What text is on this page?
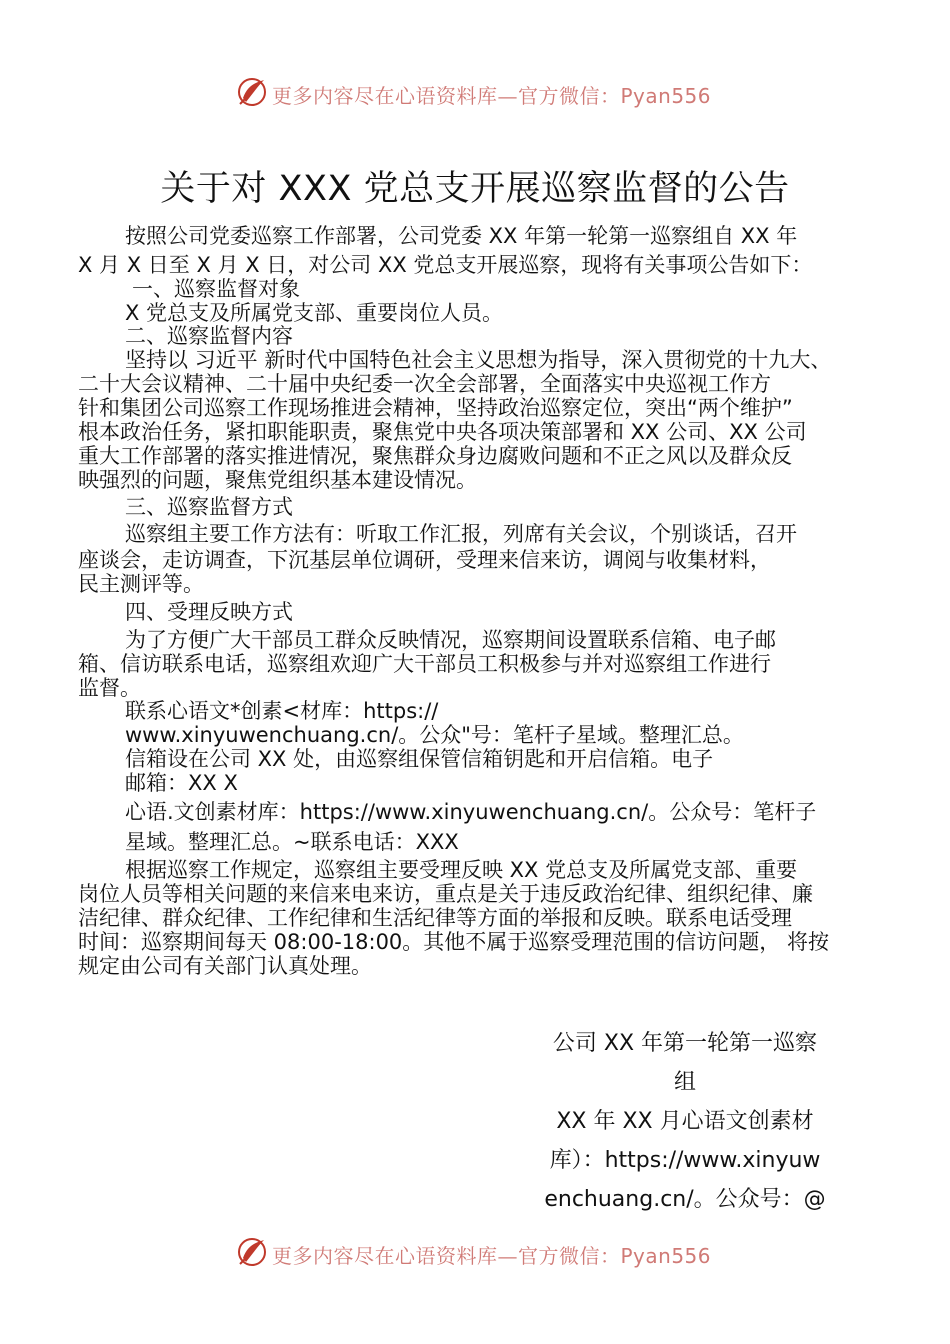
更多内容尽在心语资料库—官方微信：Pyan556
关于对 XXX 党总支开展巡察监督的公告
按照公司党委巡察工作部署，公司党委 XX 年第一轮第一巡察组自 XX 年
X 月 X 日至 X 月 X 日，对公司 XX 党总支开展巡察，现将有关事项公告如下：
一、巡察监督对象
X 党总支及所属党支部、重要岗位人员。
二、巡察监督内容
坚持以 习近平 新时代中国特色社会主义思想为指导，深入贯彻党的十九大、
二十大会议精神、二十届中央纪委一次全会部署，全面落实中央巡视工作方
针和集团公司巡察工作现场推进会精神，坚持政治巡察定位，突出“两个维护”
根本政治任务，紧扣职能职责，聚焦党中央各项决策部署和 XX 公司、XX 公司
重大工作部署的落实推进情况，聚焦群众身边腐败问题和不正之风以及群众反
映强烈的问题，聚焦党组织基本建设情况。
三、巡察监督方式
巡察组主要工作方法有：听取工作汇报，列席有关会议，个别谈话，召开
座谈会，走访调查，下沉基层单位调研，受理来信来访，调阅与收集材料，
民主测评等。
四、受理反映方式
为了方便广大干部员工群众反映情况，巡察期间设置联系信箱、电子邮
箱、信访联系电话，巡察组欢迎广大干部员工积极参与并对巡察组工作进行
监督。
联系心语文*创素<材库：https://
www.xinyuwenchuang.cn/。公众"号：笔杆子星域。整理汇总。
信箱设在公司 XX 处，由巡察组保管信箱钥匙和开启信箱。电子
邮箱：XX X
心语.文创素材库：https://www.xinyuwenchuang.cn/。公众号：笔杆子
星域。整理汇总。~联系电话：XXX
根据巡察工作规定，巡察组主要受理反映 XX 党总支及所属党支部、重要
岗位人员等相关问题的来信来电来访，重点是关于违反政治纪律、组织纪律、廉
洁纪律、群众纪律、工作纪律和生活纪律等方面的举报和反映。联系电话受理
时间：巡察期间每天 08:00-18:00。其他不属于巡察受理范围的信访问题， 将按
规定由公司有关部门认真处理。
公司 XX 年第一轮第一巡察
组
XX 年 XX 月心语文创素材
库）：https://www.xinyuw
enchuang.cn/。公众号：@
更多内容尽在心语资料库—官方微信：Pyan556
